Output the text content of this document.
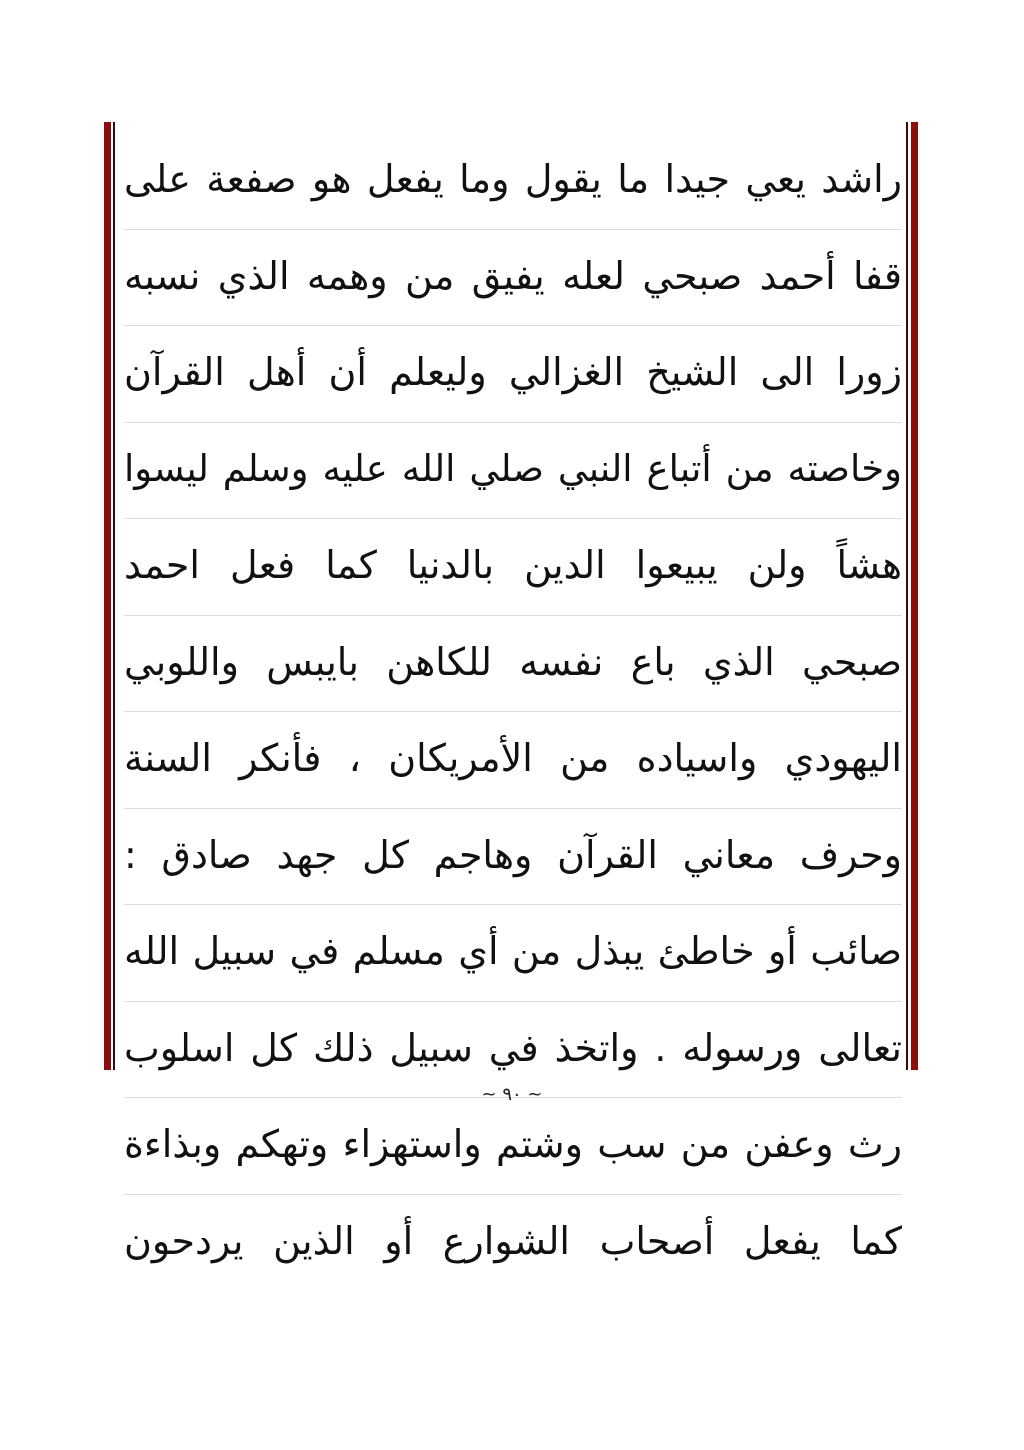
راشد يعي جيدا ما يقول وما يفعل هو صفعة على
قفا أحمد صبحي لعله يفيق من وهمه الذي نسبه
زورا الى الشيخ الغزالي وليعلم أن أهل القرآن
وخاصته من أتباع النبي صلي الله عليه وسلم ليسوا
هشاً ولن يبيعوا الدين بالدنيا كما فعل احمد
صبحي الذي باع نفسه للكاهن بايبس واللوبي
اليهودي واسياده من الأمريكان ، فأنكر السنة
وحرف معاني القرآن وهاجم كل جهد صادق :
صائب أو خاطئ يبذل من أي مسلم في سبيل الله
تعالى ورسوله . واتخذ في سبيل ذلك كل اسلوب
رث وعفن من سب وشتم واستهزاء وتهكم وبذاءة
كما يفعل أصحاب الشوارع أو الذين يردحون
~ ٩٠ ~
